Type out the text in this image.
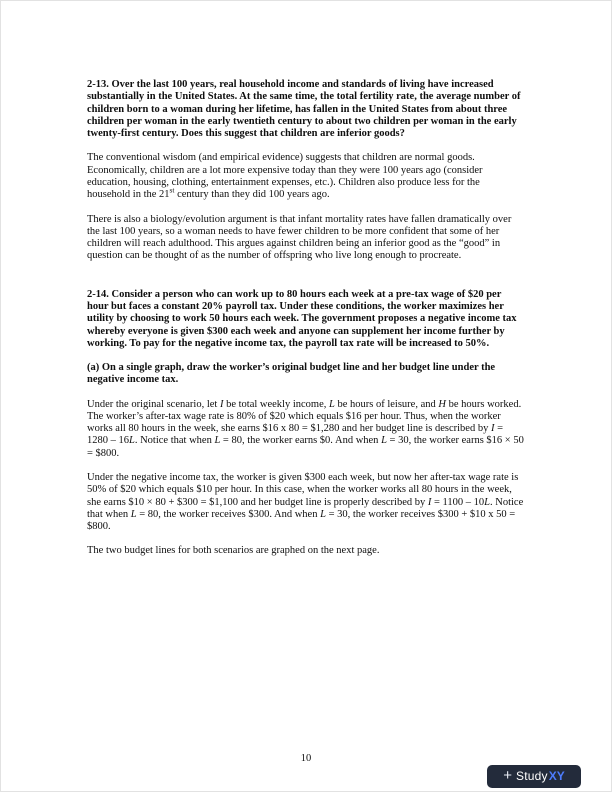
2-13. Over the last 100 years, real household income and standards of living have increased substantially in the United States. At the same time, the total fertility rate, the average number of children born to a woman during her lifetime, has fallen in the United States from about three children per woman in the early twentieth century to about two children per woman in the early twenty-first century. Does this suggest that children are inferior goods?

The conventional wisdom (and empirical evidence) suggests that children are normal goods. Economically, children are a lot more expensive today than they were 100 years ago (consider education, housing, clothing, entertainment expenses, etc.). Children also produce less for the household in the 21st century than they did 100 years ago.

There is also a biology/evolution argument is that infant mortality rates have fallen dramatically over the last 100 years, so a woman needs to have fewer children to be more confident that some of her children will reach adulthood. This argues against children being an inferior good as the “good” in question can be thought of as the number of offspring who live long enough to procreate.

2-14. Consider a person who can work up to 80 hours each week at a pre-tax wage of $20 per hour but faces a constant 20% payroll tax. Under these conditions, the worker maximizes her utility by choosing to work 50 hours each week. The government proposes a negative income tax whereby everyone is given $300 each week and anyone can supplement her income further by working. To pay for the negative income tax, the payroll tax rate will be increased to 50%.

(a) On a single graph, draw the worker’s original budget line and her budget line under the negative income tax.

Under the original scenario, let I be total weekly income, L be hours of leisure, and H be hours worked. The worker’s after-tax wage rate is 80% of $20 which equals $16 per hour. Thus, when the worker works all 80 hours in the week, she earns $16 x 80 = $1,280 and her budget line is described by I = 1280 – 16L. Notice that when L = 80, the worker earns $0. And when L = 30, the worker earns $16 × 50 = $800.

Under the negative income tax, the worker is given $300 each week, but now her after-tax wage rate is 50% of $20 which equals $10 per hour. In this case, when the worker works all 80 hours in the week, she earns $10 × 80 + $300 = $1,100 and her budget line is properly described by I = 1100 – 10L. Notice that when L = 80, the worker receives $300. And when L = 30, the worker receives $300 + $10 x 50 = $800.

The two budget lines for both scenarios are graphed on the next page.

10
+ Study XY
